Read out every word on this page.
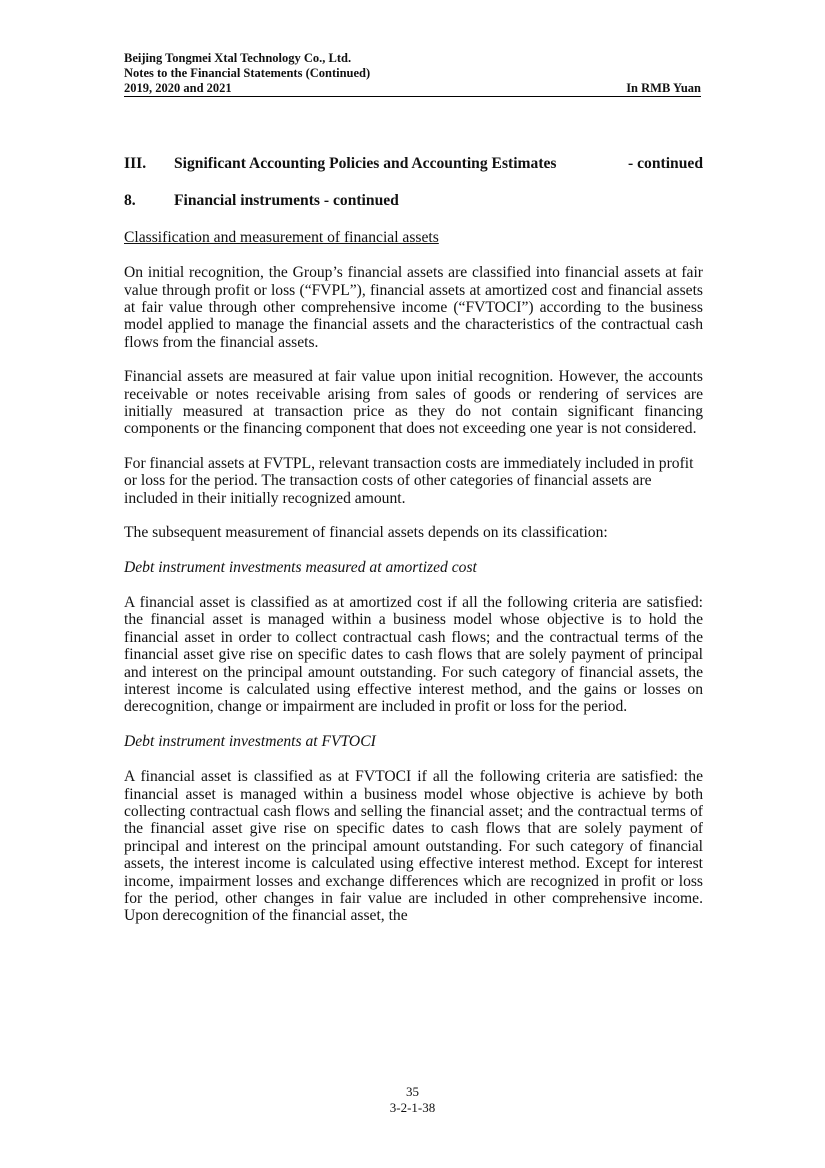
Beijing Tongmei Xtal Technology Co., Ltd.
Notes to the Financial Statements (Continued)
2019, 2020 and 2021	In RMB Yuan
III.	Significant Accounting Policies and Accounting Estimates	- continued
8.	Financial instruments - continued
Classification and measurement of financial assets

On initial recognition, the Group’s financial assets are classified into financial assets at fair value through profit or loss (“FVPL”), financial assets at amortized cost and financial assets at fair value through other comprehensive income (“FVTOCI”) according to the business model applied to manage the financial assets and the characteristics of the contractual cash flows from the financial assets.

Financial assets are measured at fair value upon initial recognition. However, the accounts receivable or notes receivable arising from sales of goods or rendering of services are initially measured at transaction price as they do not contain significant financing components or the financing component that does not exceeding one year is not considered.

For financial assets at FVTPL, relevant transaction costs are immediately included in profit or loss for the period. The transaction costs of other categories of financial assets are included in their initially recognized amount.

The subsequent measurement of financial assets depends on its classification:

Debt instrument investments measured at amortized cost

A financial asset is classified as at amortized cost if all the following criteria are satisfied: the financial asset is managed within a business model whose objective is to hold the financial asset in order to collect contractual cash flows; and the contractual terms of the financial asset give rise on specific dates to cash flows that are solely payment of principal and interest on the principal amount outstanding. For such category of financial assets, the interest income is calculated using effective interest method, and the gains or losses on derecognition, change or impairment are included in profit or loss for the period.

Debt instrument investments at FVTOCI

A financial asset is classified as at FVTOCI if all the following criteria are satisfied: the financial asset is managed within a business model whose objective is achieve by both collecting contractual cash flows and selling the financial asset; and the contractual terms of the financial asset give rise on specific dates to cash flows that are solely payment of principal and interest on the principal amount outstanding. For such category of financial assets, the interest income is calculated using effective interest method. Except for interest income, impairment losses and exchange differences which are recognized in profit or loss for the period, other changes in fair value are included in other comprehensive income. Upon derecognition of the financial asset, the

35
3-2-1-38
